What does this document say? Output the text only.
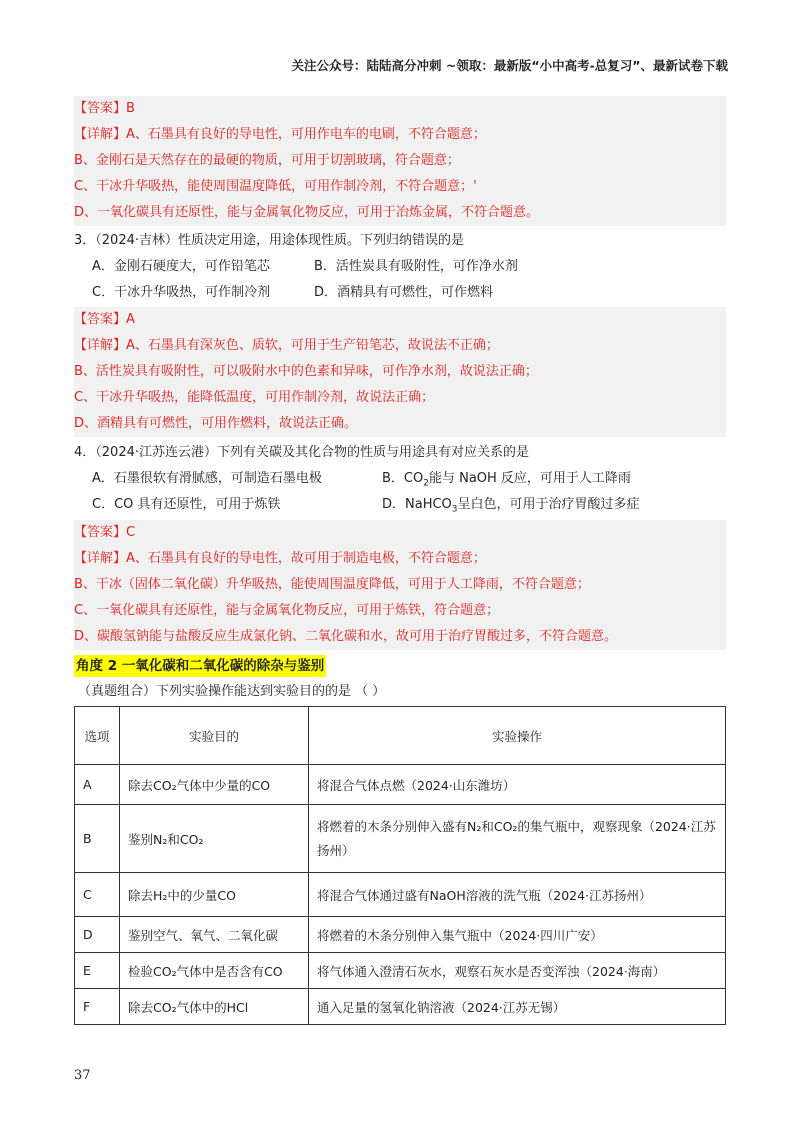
关注公众号：陆陆高分冲刺 ~领取：最新版“小中高考-总复习”、最新试卷下载
【答案】B
【详解】A、石墨具有良好的导电性，可用作电车的电刷，不符合题意；
B、金刚石是天然存在的最硬的物质，可用于切割玻璃，符合题意；
C、干冰升华吸热，能使周围温度降低，可用作制冷剂，不符合题意；'
D、一氧化碳具有还原性，能与金属氧化物反应，可用于冶炼金属，不符合题意。
3．（2024·吉林）性质决定用途，用途体现性质。下列归纳错误的是
A．金刚石硬度大，可作铅笔芯	B．活性炭具有吸附性，可作净水剂
C．干冰升华吸热，可作制冷剂	D．酒精具有可燃性，可作燃料
【答案】A
【详解】A、石墨具有深灰色、质软，可用于生产铅笔芯，故说法不正确；
B、活性炭具有吸附性，可以吸附水中的色素和异味，可作净水剂，故说法正确；
C、干冰升华吸热，能降低温度，可用作制冷剂，故说法正确；
D、酒精具有可燃性，可用作燃料，故说法正确。
4．（2024·江苏连云港）下列有关碳及其化合物的性质与用途具有对应关系的是
A．石墨很软有滑腻感，可制造石墨电极	B．$CO_2$能与 NaOH 反应，可用于人工降雨
C．CO 具有还原性，可用于炼铁	D．NaHCO$_3$呈白色，可用于治疗胃酸过多症
【答案】C
【详解】A、石墨具有良好的导电性，故可用于制造电极，不符合题意；
B、干冰（固体二氧化碳）升华吸热，能使周围温度降低，可用于人工降雨，不符合题意；
C、一氧化碳具有还原性，能与金属氧化物反应，可用于炼铁，符合题意；
D、碳酸氢钠能与盐酸反应生成氯化钠、二氧化碳和水，故可用于治疗胃酸过多，不符合题意。
角度 2 一氧化碳和二氧化碳的除杂与鉴别
（真题组合）下列实验操作能达到实验目的的是 （ ）
选项	实验目的	实验操作
A	除去CO₂气体中少量的CO	将混合气体点燃（2024·山东潍坊）
B	鉴别N₂和CO₂	将燃着的木条分别伸入盛有N₂和CO₂的集气瓶中，观察现象（2024·江苏扬州）
C	除去H₂中的少量CO	将混合气体通过盛有NaOH溶液的洗气瓶（2024·江苏扬州）
D	鉴别空气、氧气、二氧化碳	将燃着的木条分别伸入集气瓶中（2024·四川广安）
E	检验CO₂气体中是否含有CO	将气体通入澄清石灰水，观察石灰水是否变浑浊（2024·海南）
F	除去CO₂气体中的HCl	通入足量的氢氧化钠溶液（2024·江苏无锡）
37
